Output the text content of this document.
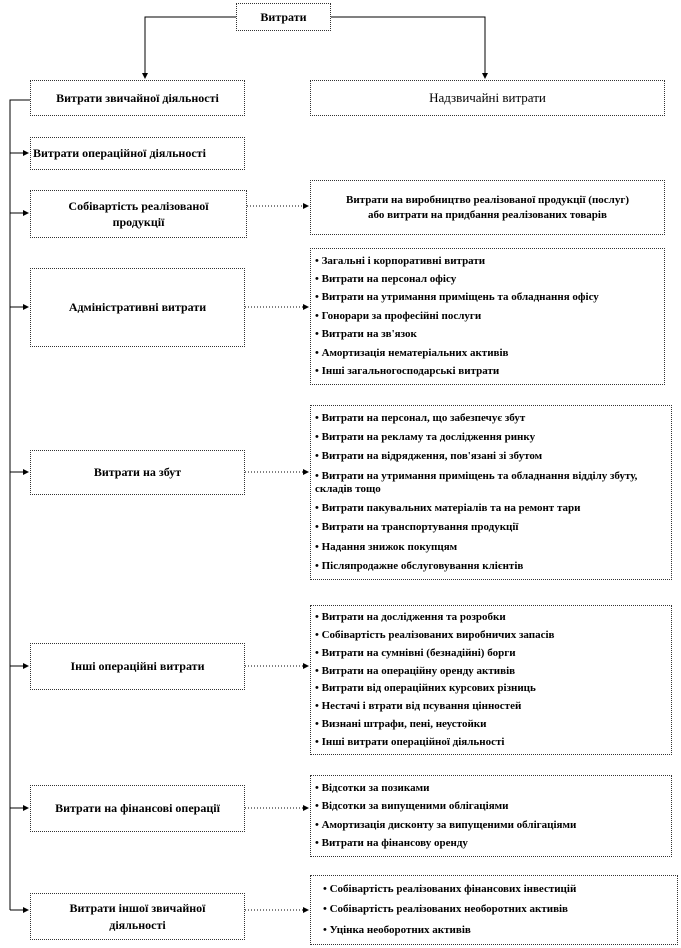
Витрати
Витрати звичайної діяльності	Надзвичайні витрати
Витрати операційної діяльності
Собівартість реалізованої продукції
Витрати на виробництво реалізованої продукції (послуг) або витрати на придбання реалізованих товарів
Адміністративні витрати
• Загальні і корпоративні витрати
• Витрати на персонал офісу
• Витрати на утримання приміщень та обладнання офісу
• Гонорари за професійні послуги
• Витрати на зв'язок
• Амортизація нематеріальних активів
• Інші загальногосподарські витрати
Витрати на збут
• Витрати на персонал, що забезпечує збут
• Витрати на рекламу та дослідження ринку
• Витрати на відрядження, пов'язані зі збутом
• Витрати на утримання приміщень та обладнання відділу збуту, складів тощо
• Витрати пакувальних матеріалів та на ремонт тари
• Витрати на транспортування продукції
• Надання знижок покупцям
• Післяпродажне обслуговування клієнтів
Інші операційні витрати
• Витрати на дослідження та розробки
• Собівартість реалізованих виробничих запасів
• Витрати на сумнівні (безнадійні) борги
• Витрати на операційну оренду активів
• Витрати від операційних курсових різниць
• Нестачі і втрати від псування цінностей
• Визнані штрафи, пені, неустойки
• Інші витрати операційної діяльності
Витрати на фінансові операції
• Відсотки за позиками
• Відсотки за випущеними облігаціями
• Амортизація дисконту за випущеними облігаціями
• Витрати на фінансову оренду
Витрати іншої звичайної діяльності
• Собівартість реалізованих фінансових інвестицій
• Собівартість реалізованих необоротних активів
• Уцінка необоротних активів
